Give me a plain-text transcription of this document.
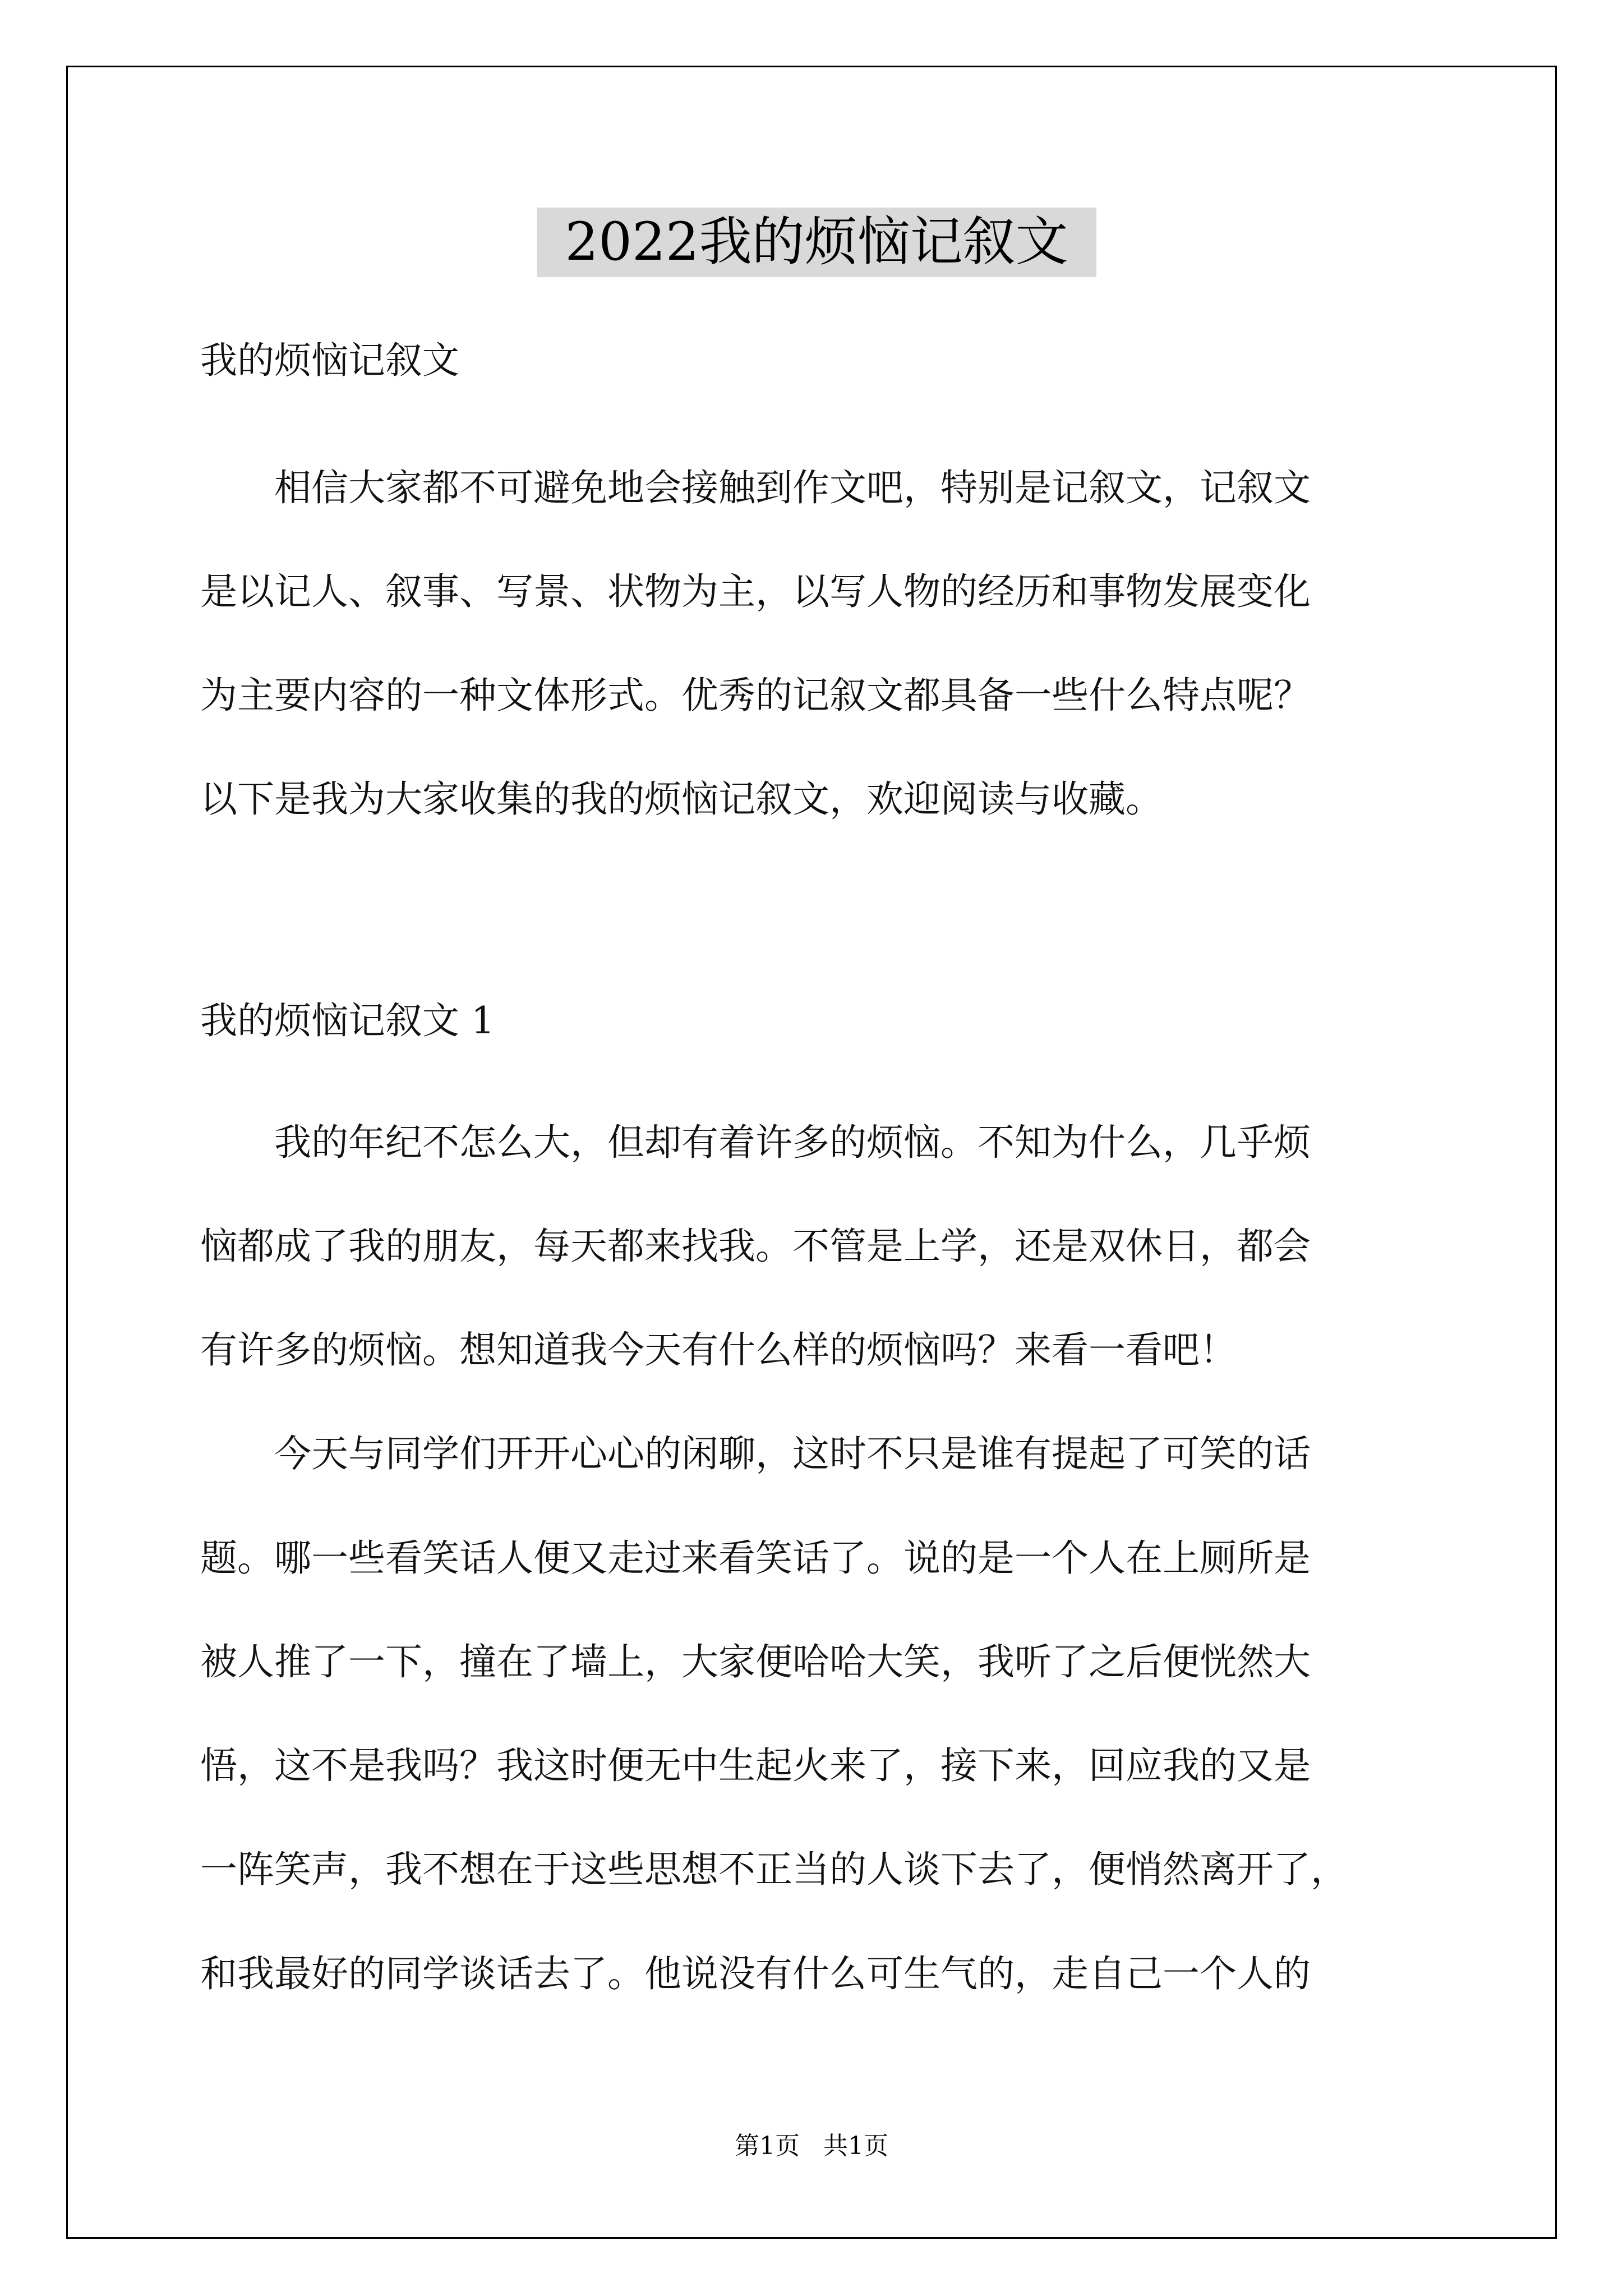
2022我的烦恼记叙文
我的烦恼记叙文
　　相信大家都不可避免地会接触到作文吧，特别是记叙文，记叙文
是以记人、叙事、写景、状物为主，以写人物的经历和事物发展变化
为主要内容的一种文体形式。优秀的记叙文都具备一些什么特点呢？
以下是我为大家收集的我的烦恼记叙文，欢迎阅读与收藏。
我的烦恼记叙文 1
　　我的年纪不怎么大，但却有着许多的烦恼。不知为什么，几乎烦
恼都成了我的朋友，每天都来找我。不管是上学，还是双休日，都会
有许多的烦恼。想知道我今天有什么样的烦恼吗？来看一看吧！
　　今天与同学们开开心心的闲聊，这时不只是谁有提起了可笑的话
题。哪一些看笑话人便又走过来看笑话了。说的是一个人在上厕所是
被人推了一下，撞在了墙上，大家便哈哈大笑，我听了之后便恍然大
悟，这不是我吗？我这时便无中生起火来了，接下来，回应我的又是
一阵笑声，我不想在于这些思想不正当的人谈下去了，便悄然离开了，
和我最好的同学谈话去了。他说没有什么可生气的，走自己一个人的
第1页 共1页
